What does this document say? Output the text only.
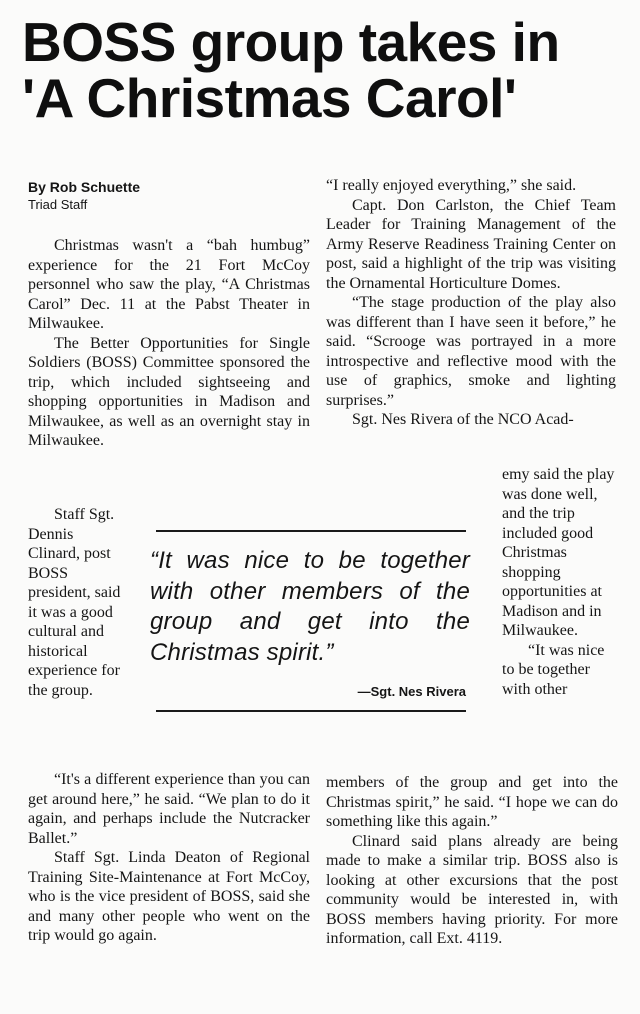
BOSS group takes in
'A Christmas Carol'
By Rob Schuette
Triad Staff

Christmas wasn't a “bah humbug” experience for the 21 Fort McCoy personnel who saw the play, “A Christmas Carol” Dec. 11 at the Pabst Theater in Milwaukee.

The Better Opportunities for Single Soldiers (BOSS) Committee sponsored the trip, which included sightseeing and shopping opportunities in Madison and Milwaukee, as well as an overnight stay in Milwaukee.

Staff Sgt. Dennis Clinard, post BOSS president, said it was a good cultural and historical experience for the group.

“It's a different experience than you can get around here,” he said. “We plan to do it again, and perhaps include the Nutcracker Ballet.”

Staff Sgt. Linda Deaton of Regional Training Site-Maintenance at Fort McCoy, who is the vice president of BOSS, said she and many other people who went on the trip would go again.

“I really enjoyed everything,” she said.

Capt. Don Carlston, the Chief Team Leader for Training Management of the Army Reserve Readiness Training Center on post, said a highlight of the trip was visiting the Ornamental Horticulture Domes.

“The stage production of the play also was different than I have seen it before,” he said. “Scrooge was portrayed in a more introspective and reflective mood with the use of graphics, smoke and lighting surprises.”

Sgt. Nes Rivera of the NCO Acad-

emy said the play was done well, and the trip included good Christmas shopping opportunities at Madison and in Milwaukee.

“It was nice to be together with other

members of the group and get into the Christmas spirit,” he said. “I hope we can do something like this again.”

Clinard said plans already are being made to make a similar trip. BOSS also is looking at other excursions that the post community would be interested in, with BOSS members having priority. For more information, call Ext. 4119.

“It was nice to be together with other members of the group and get into the Christmas spirit.”
—Sgt. Nes Rivera
